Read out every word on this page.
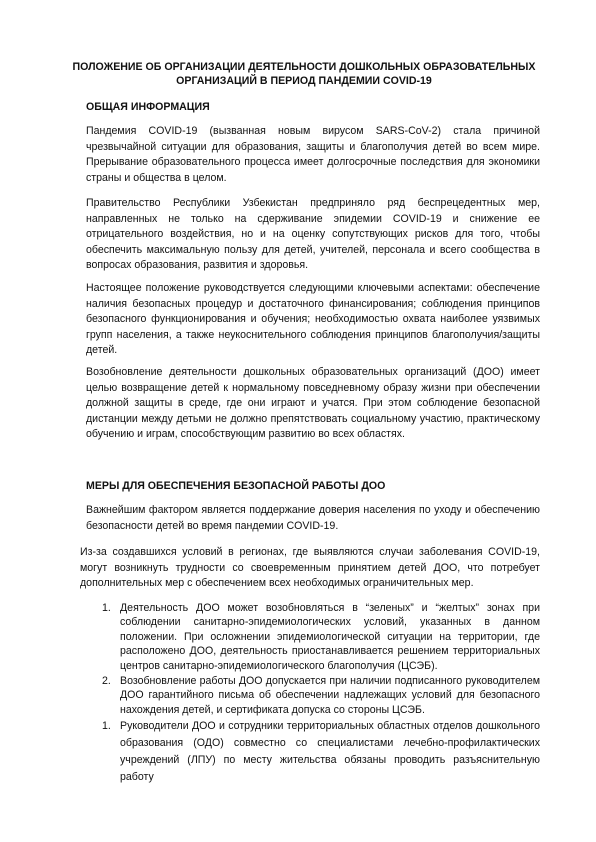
ПОЛОЖЕНИЕ ОБ ОРГАНИЗАЦИИ ДЕЯТЕЛЬНОСТИ ДОШКОЛЬНЫХ ОБРАЗОВАТЕЛЬНЫХ ОРГАНИЗАЦИЙ В ПЕРИОД ПАНДЕМИИ COVID-19
ОБЩАЯ ИНФОРМАЦИЯ

Пандемия COVID-19 (вызванная новым вирусом SARS-CoV-2) стала причиной чрезвычайной ситуации для образования, защиты и благополучия детей во всем мире. Прерывание образовательного процесса имеет долгосрочные последствия для экономики страны и общества в целом.

Правительство Республики Узбекистан предприняло ряд беспрецедентных мер, направленных не только на сдерживание эпидемии COVID-19 и снижение ее отрицательного воздействия, но и на оценку сопутствующих рисков для того, чтобы обеспечить максимальную пользу для детей, учителей, персонала и всего сообщества в вопросах образования, развития и здоровья.

Настоящее положение руководствуется следующими ключевыми аспектами: обеспечение наличия безопасных процедур и достаточного финансирования; соблюдения принципов безопасного функционирования и обучения; необходимостью охвата наиболее уязвимых групп населения, а также неукоснительного соблюдения принципов благополучия/защиты детей.

Возобновление деятельности дошкольных образовательных организаций (ДОО) имеет целью возвращение детей к нормальному повседневному образу жизни при обеспечении должной защиты в среде, где они играют и учатся. При этом соблюдение безопасной дистанции между детьми не должно препятствовать социальному участию, практическому обучению и играм, способствующим развитию во всех областях.

МЕРЫ ДЛЯ ОБЕСПЕЧЕНИЯ БЕЗОПАСНОЙ РАБОТЫ ДОО

Важнейшим фактором является поддержание доверия населения по уходу и обеспечению безопасности детей во время пандемии COVID-19.

Из-за создавшихся условий в регионах, где выявляются случаи заболевания COVID-19, могут возникнуть трудности со своевременным принятием детей ДОО, что потребует дополнительных мер с обеспечением всех необходимых ограничительных мер.

1. Деятельность ДОО может возобновляться в “зеленых” и “желтых” зонах при соблюдении санитарно-эпидемиологических условий, указанных в данном положении. При осложнении эпидемиологической ситуации на территории, где расположено ДОО, деятельность приостанавливается решением территориальных центров санитарно-эпидемиологического благополучия (ЦСЭБ).
2. Возобновление работы ДОО допускается при наличии подписанного руководителем ДОО гарантийного письма об обеспечении надлежащих условий для безопасного нахождения детей, и сертификата допуска со стороны ЦСЭБ.
1. Руководители ДОО и сотрудники территориальных областных отделов дошкольного образования (ОДО) совместно со специалистами лечебно-профилактических учреждений (ЛПУ) по месту жительства обязаны проводить разъяснительную работу
